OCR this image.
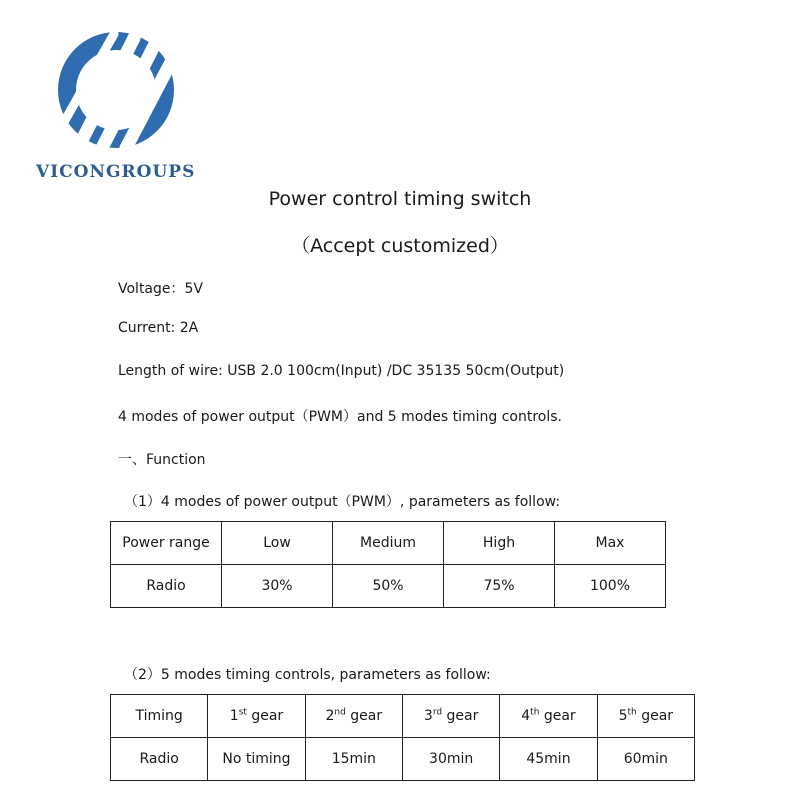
VICONGROUPS
Power control timing switch
（Accept customized）
Voltage：5V
Current: 2A
Length of wire: USB 2.0 100cm(Input) /DC 35135 50cm(Output)
4 modes of power output（PWM）and 5 modes timing controls.
一、Function
（1）4 modes of power output（PWM）, parameters as follow:
Power range	Low	Medium	High	Max
Radio	30%	50%	75%	100%
（2）5 modes timing controls, parameters as follow:
Timing	1st gear	2nd gear	3rd gear	4th gear	5th gear
Radio	No timing	15min	30min	45min	60min
